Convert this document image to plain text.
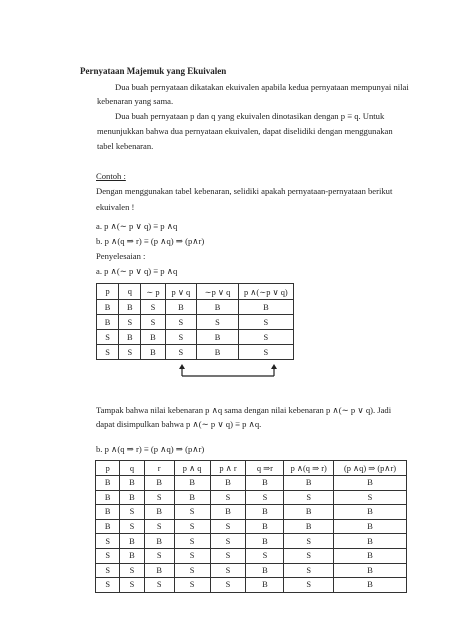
Pernyataan Majemuk yang Ekuivalen
Dua buah pernyataan dikatakan ekuivalen apabila kedua pernyataan mempunyai nilai
kebenaran yang sama.
Dua buah pernyataan p dan q yang ekuivalen dinotasikan dengan p ≡ q. Untuk
menunjukkan bahwa dua pernyataan ekuivalen, dapat diselidiki dengan menggunakan
tabel kebenaran.
Contoh :
Dengan menggunakan tabel kebenaran, selidiki apakah pernyataan-pernyataan berikut
ekuivalen !
a. p ∧(∼ p ∨ q) ≡ p ∧q
b. p ∧(q ⇒ r) ≡ (p ∧q) ⇒ (p∧r)
Penyelesaian :
a. p ∧(∼ p ∨ q) ≡ p ∧q
p	q	∼ p	p ∨ q	∼p ∨ q	p ∧(∼p ∨ q)
B	B	S	B	B	B
B	S	S	S	S	S
S	B	B	S	B	S
S	S	B	S	B	S
Tampak bahwa nilai kebenaran p ∧q sama dengan nilai kebenaran p ∧(∼ p ∨ q). Jadi
dapat disimpulkan bahwa p ∧(∼ p ∨ q) ≡ p ∧q.
b. p ∧(q ⇒ r) ≡ (p ∧q) ⇒ (p∧r)
p	q	r	p ∧ q	p ∧ r	q ⇒r	p ∧(q ⇒ r)	(p ∧q) ⇒ (p∧r)
B	B	B	B	B	B	B	B
B	B	S	B	S	S	S	S
B	S	B	S	B	B	B	B
B	S	S	S	S	B	B	B
S	B	B	S	S	B	S	B
S	B	S	S	S	S	S	B
S	S	B	S	S	B	S	B
S	S	S	S	S	B	S	B
